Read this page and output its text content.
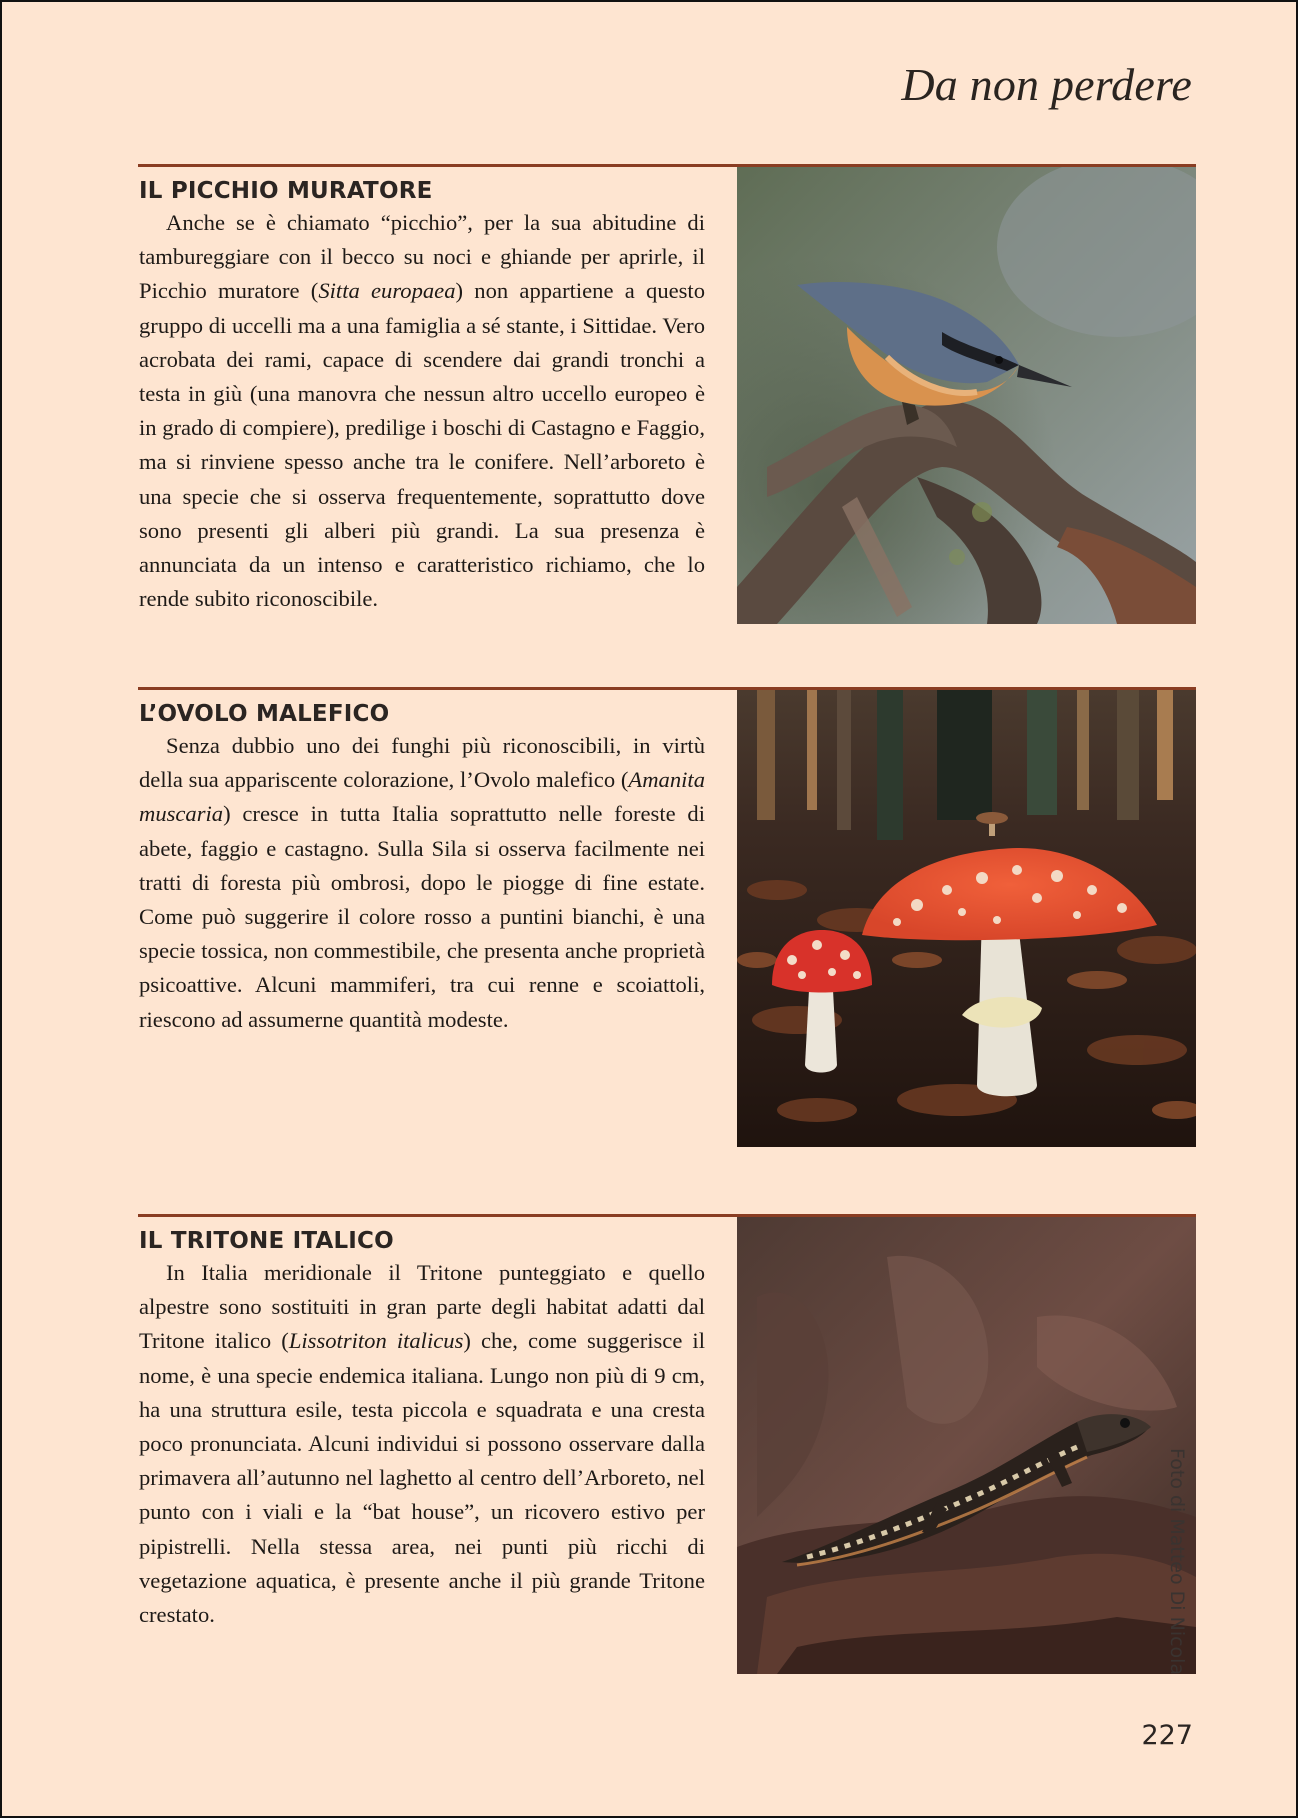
Da non perdere
IL PICCHIO MURATORE

Anche se è chiamato “picchio”, per la sua abitudine di tambureggiare con il becco su noci e ghiande per aprirle, il Picchio muratore (Sitta europaea) non appartiene a questo gruppo di uccelli ma a una famiglia a sé stante, i Sittidae. Vero acrobata dei rami, capace di scendere dai grandi tronchi a testa in giù (una manovra che nessun altro uccello europeo è in grado di compiere), predilige i boschi di Castagno e Faggio, ma si rinviene spesso anche tra le conifere. Nell’arboreto è una specie che si osserva frequentemente, soprattutto dove sono presenti gli alberi più grandi. La sua presenza è annunciata da un intenso e caratteristico richiamo, che lo rende subito riconoscibile.

L’OVOLO MALEFICO

Senza dubbio uno dei funghi più riconoscibili, in virtù della sua appariscente colorazione, l’Ovolo malefico (Amanita muscaria) cresce in tutta Italia soprattutto nelle foreste di abete, faggio e castagno. Sulla Sila si osserva facilmente nei tratti di foresta più ombrosi, dopo le piogge di fine estate. Come può suggerire il colore rosso a puntini bianchi, è una specie tossica, non commestibile, che presenta anche proprietà psicoattive. Alcuni mammiferi, tra cui renne e scoiattoli, riescono ad assumerne quantità modeste.

IL TRITONE ITALICO

In Italia meridionale il Tritone punteggiato e quello alpestre sono sostituiti in gran parte degli habitat adatti dal Tritone italico (Lissotriton italicus) che, come suggerisce il nome, è una specie endemica italiana. Lungo non più di 9 cm, ha una struttura esile, testa piccola e squadrata e una cresta poco pronunciata. Alcuni individui si possono osservare dalla primavera all’autunno nel laghetto al centro dell’Arboreto, nel punto con i viali e la “bat house”, un ricovero estivo per pipistrelli. Nella stessa area, nei punti più ricchi di vegetazione aquatica, è presente anche il più grande Tritone crestato.	Foto di Matteo Di Nicola
227
